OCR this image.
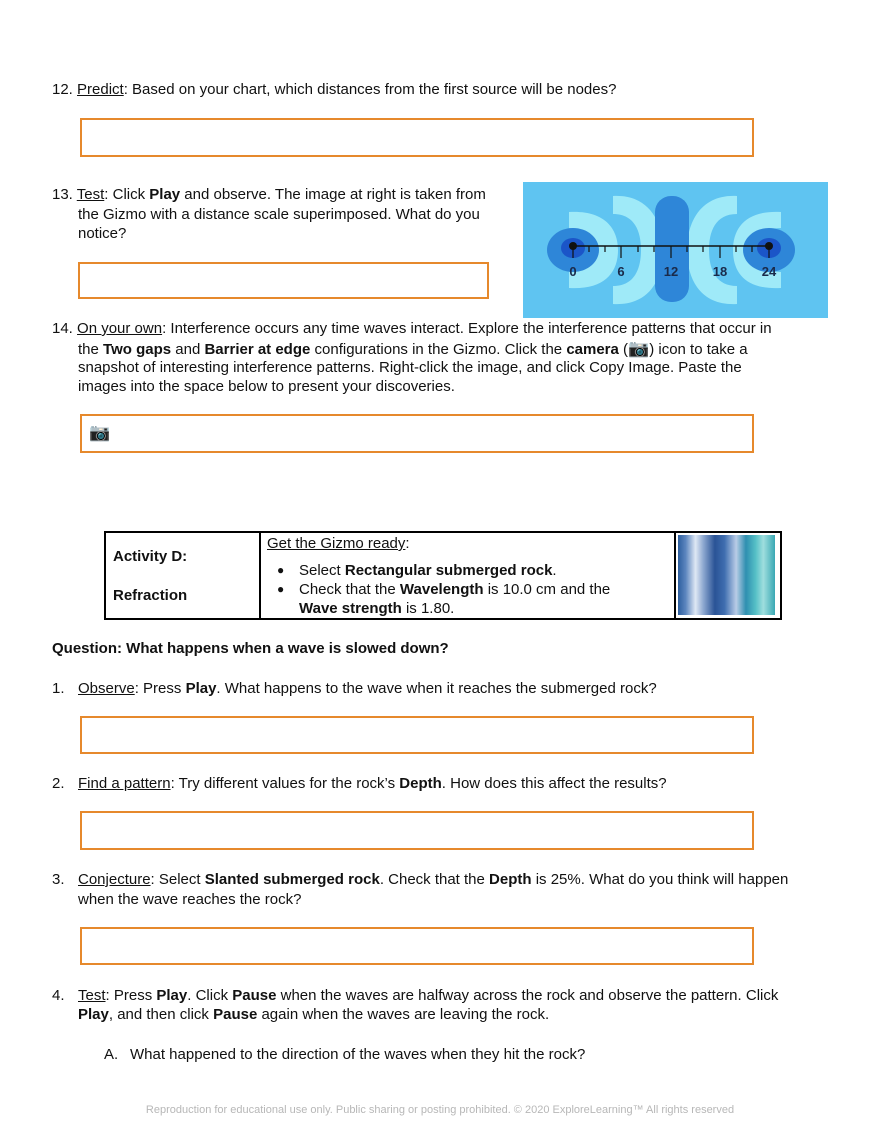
12. Predict: Based on your chart, which distances from the first source will be nodes?
13. Test: Click Play and observe. The image at right is taken from
the Gizmo with a distance scale superimposed. What do you
notice?
0	6	12	18	24
14. On your own: Interference occurs any time waves interact. Explore the interference patterns that occur in
the Two gaps and Barrier at edge configurations in the Gizmo. Click the camera (📷) icon to take a
snapshot of interesting interference patterns. Right-click the image, and click Copy Image. Paste the
images into the space below to present your discoveries.
📷
Activity D:
Refraction

Get the Gizmo ready:
● Select Rectangular submerged rock.
● Check that the Wavelength is 10.0 cm and the
Wave strength is 1.80.

Question: What happens when a wave is slowed down?
1. Observe: Press Play. What happens to the wave when it reaches the submerged rock?
2. Find a pattern: Try different values for the rock’s Depth. How does this affect the results?
3. Conjecture: Select Slanted submerged rock. Check that the Depth is 25%. What do you think will happen
when the wave reaches the rock?
4. Test: Press Play. Click Pause when the waves are halfway across the rock and observe the pattern. Click
Play, and then click Pause again when the waves are leaving the rock.
A. What happened to the direction of the waves when they hit the rock?
Reproduction for educational use only. Public sharing or posting prohibited. © 2020 ExploreLearning™ All rights reserved
